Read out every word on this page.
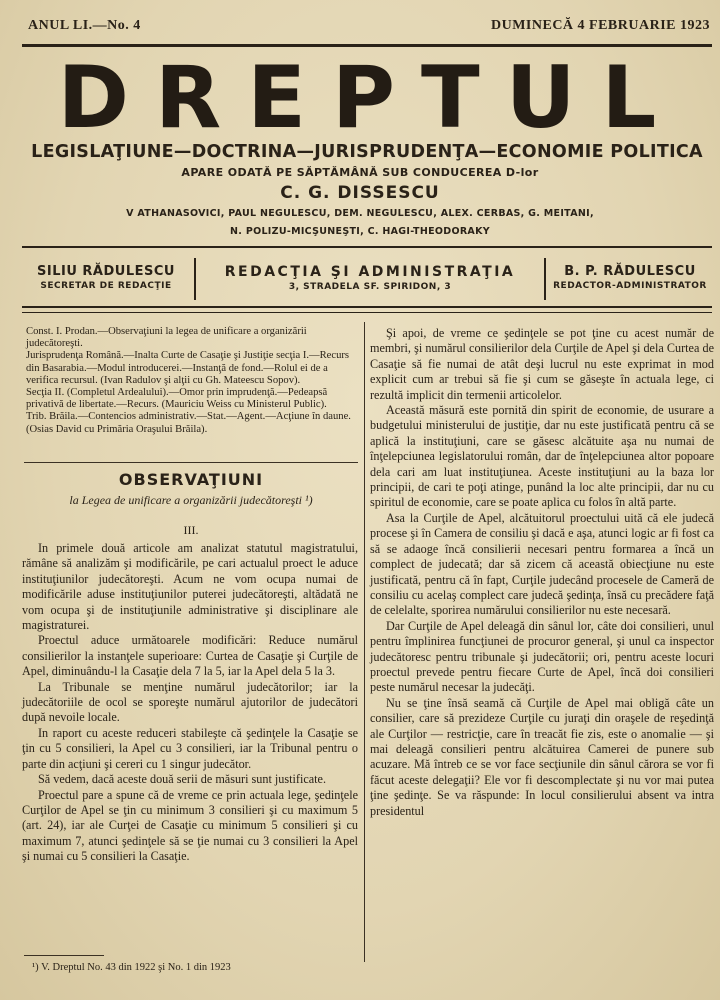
ANUL LI.—No. 4	DUMINECĂ 4 FEBRUARIE 1923
DREPTUL
LEGISLAŢIUNE—DOCTRINA—JURISPRUDENŢA—ECONOMIE POLITICA
APARE ODATĂ PE SĂPTĂMÂNĂ SUB CONDUCEREA D-lor
C. G. DISSESCU
V ATHANASOVICI, PAUL NEGULESCU, DEM. NEGULESCU, ALEX. CERBAS, G. MEITANI,
N. POLIZU-MICŞUNEŞTI, C. HAGI-THEODORAKY
SILIU RĂDULESCU
SECRETAR DE REDACŢIE
REDACŢIA ŞI ADMINISTRAŢIA
3, STRADELA SF. SPIRIDON, 3
B. P. RĂDULESCU
REDACTOR-ADMINISTRATOR

Const. I. Prodan.—Observaţiuni la legea de unificare a organizării judecătoreşti.

Jurisprudenţa Română.—Inalta Curte de Casaţie şi Justiţie secţia I.—Recurs din Basarabia.—Modul introducerei.—Instanţă de fond.—Rolul ei de a verifica recursul. (Ivan Radulov şi alţii cu Gh. Mateescu Sopov).

Secţia II. (Completul Ardealului).—Omor prin imprudenţă.—Pedeapsă privativă de libertate.—Recurs. (Mauriciu Weiss cu Ministerul Public).

Trib. Brăila.—Contencios administrativ.—Stat.—Agent.—Acţiune în daune. (Osias David cu Primăria Oraşului Brăila).

OBSERVAŢIUNI
la Legea de unificare a organizării judecătoreşti ¹)
III.

In primele două articole am analizat statutul magistratului, rămâne să analizăm şi modificările, pe cari actualul proect le aduce instituţiunilor judecătoreşti. Acum ne vom ocupa numai de modificările aduse instituţiunilor puterei judecătoreşti, altădată ne vom ocupa şi de instituţiunile administrative şi disciplinare ale magistraturei.

Proectul aduce următoarele modificări: Reduce numărul consilierilor la instanţele superioare: Curtea de Casaţie şi Curţile de Apel, diminuându-l la Casaţie dela 7 la 5, iar la Apel dela 5 la 3.

La Tribunale se menţine numărul judecătorilor; iar la judecătoriile de ocol se sporeşte numărul ajutorilor de judecători după nevoile locale.

In raport cu aceste reduceri stabileşte că şedinţele la Casaţie se ţin cu 5 consilieri, la Apel cu 3 consilieri, iar la Tribunal pentru o parte din acţiuni şi cereri cu 1 singur judecător.

Să vedem, dacă aceste două serii de măsuri sunt justificate.

Proectul pare a spune că de vreme ce prin actuala lege, şedinţele Curţilor de Apel se ţin cu minimum 3 consilieri şi cu maximum 5 (art. 24), iar ale Curţei de Casaţie cu minimum 5 consilieri şi cu maximum 7, atunci şedinţele să se ţie numai cu 3 consilieri la Apel şi numai cu 5 consilieri la Casaţie.

¹) V. Dreptul No. 43 din 1922 şi No. 1 din 1923

Şi apoi, de vreme ce şedinţele se pot ţine cu acest număr de membri, şi numărul consilierilor dela Curţile de Apel şi dela Curtea de Casaţie să fie numai de atât deşi lucrul nu este exprimat in mod explicit cum ar trebui să fie şi cum se găseşte în actuala lege, ci rezultă implicit din termenii articolelor.

Această măsură este pornită din spirit de economie, de usurare a budgetului ministerului de justiţie, dar nu este justificată pentru că se aplică la instituţiuni, care se găsesc alcătuite aşa nu numai de înţelepciunea legislatorului român, dar de înţelepciunea altor popoare dela cari am luat instituţiunea. Aceste instituţiuni au la baza lor principii, de cari te poţi atinge, punând la loc alte principii, dar nu cu spiritul de economie, care se poate aplica cu folos în altă parte.

Asa la Curţile de Apel, alcătuitorul proectului uită că ele judecă procese şi în Camera de consiliu şi dacă e aşa, atunci logic ar fi fost ca să se adaoge încă consilierii necesari pentru formarea a încă un complect de judecată; dar să zicem că această obiecţiune nu este justificată, pentru că în fapt, Curţile judecând procesele de Cameră de consiliu cu acelaş complect care judecă şedinţa, însă cu precădere faţă de celelalte, sporirea numărului consilierilor nu este necesară.

Dar Curţile de Apel deleagă din sânul lor, câte doi consilieri, unul pentru împlinirea funcţiunei de procuror general, şi unul ca inspector judecătoresc pentru tribunale şi judecătorii; ori, pentru aceste locuri proectul prevede pentru fiecare Curte de Apel, încă doi consilieri peste numărul necesar la judecăţi.

Nu se ţine însă seamă că Curţile de Apel mai obligă câte un consilier, care să prezideze Curţile cu juraţi din oraşele de reşedinţă ale Curţilor — restricţie, care în treacăt fie zis, este o anomalie — şi mai deleagă consilieri pentru alcătuirea Camerei de punere sub acuzare. Mă întreb ce se vor face secţiunile din sânul cărora se vor fi făcut aceste delegaţii? Ele vor fi descomplectate şi nu vor mai putea ţine şedinţe. Se va răspunde: In locul consilierului absent va intra presidentul
